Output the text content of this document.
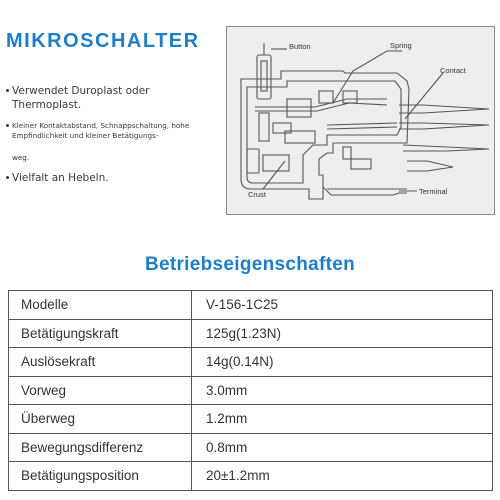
MIKROSCHALTER
Verwendet Duroplast oder Thermoplast.
Kleiner Kontaktabstand, Schnappschaltung, hohe Empfindlichkeit und kleiner Betätigungs-
weg.
Vielfalt an Hebeln.
Button	Spring
Contact
Crust	Terminal
Betriebseigenschaften
Modelle	V-156-1C25
Betätigungskraft	125g(1.23N)
Auslösekraft	14g(0.14N)
Vorweg	3.0mm
Überweg	1.2mm
Bewegungsdifferenz	0.8mm
Betätigungsposition	20±1.2mm
